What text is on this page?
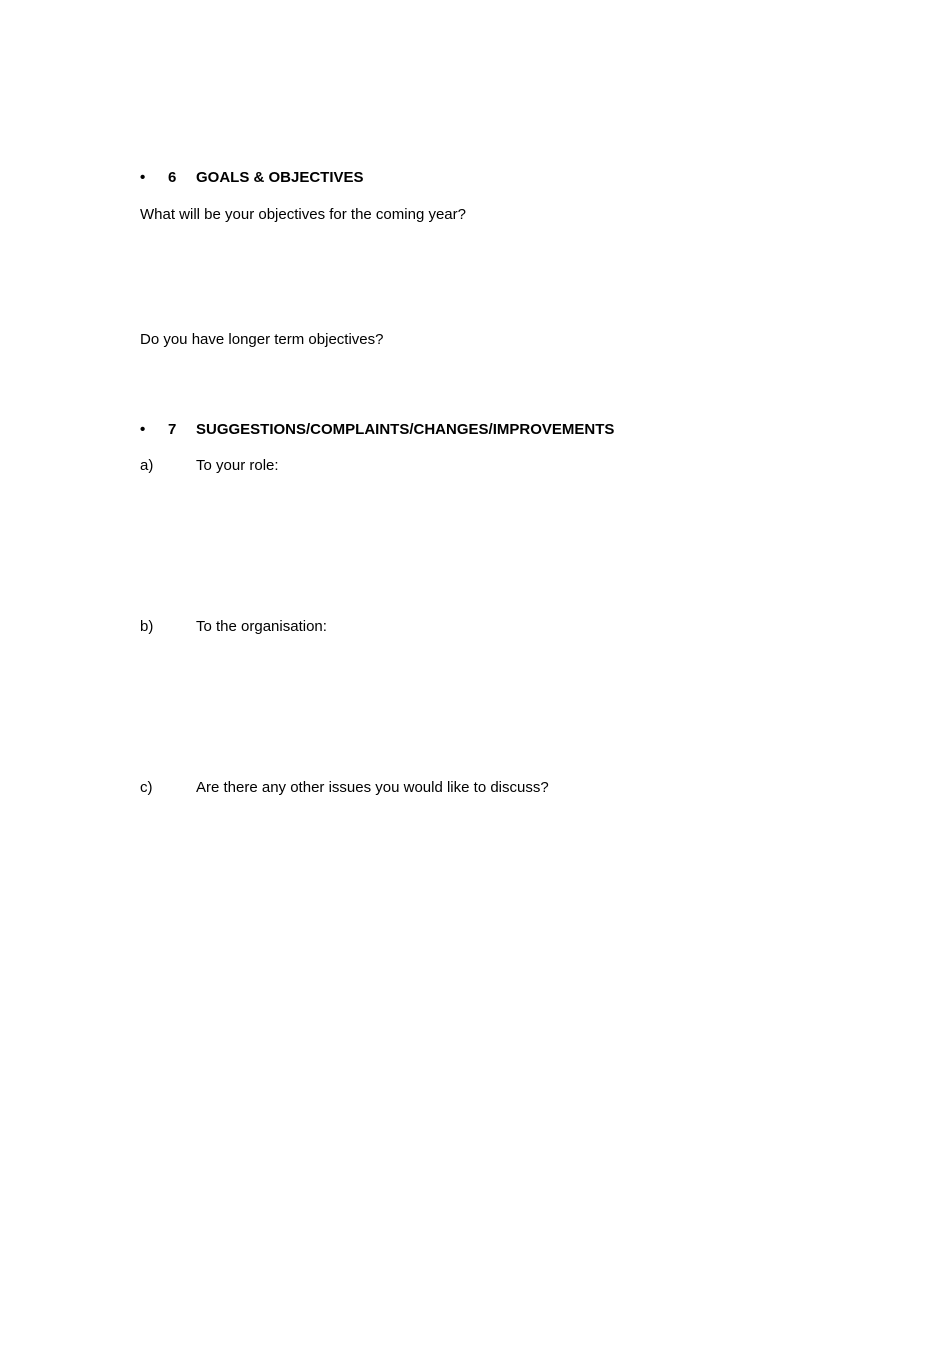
• 6 GOALS & OBJECTIVES
What will be your objectives for the coming year?
Do you have longer term objectives?
• 7 SUGGESTIONS/COMPLAINTS/CHANGES/IMPROVEMENTS
a)	To your role:
b)	To the organisation:
c)	Are there any other issues you would like to discuss?
